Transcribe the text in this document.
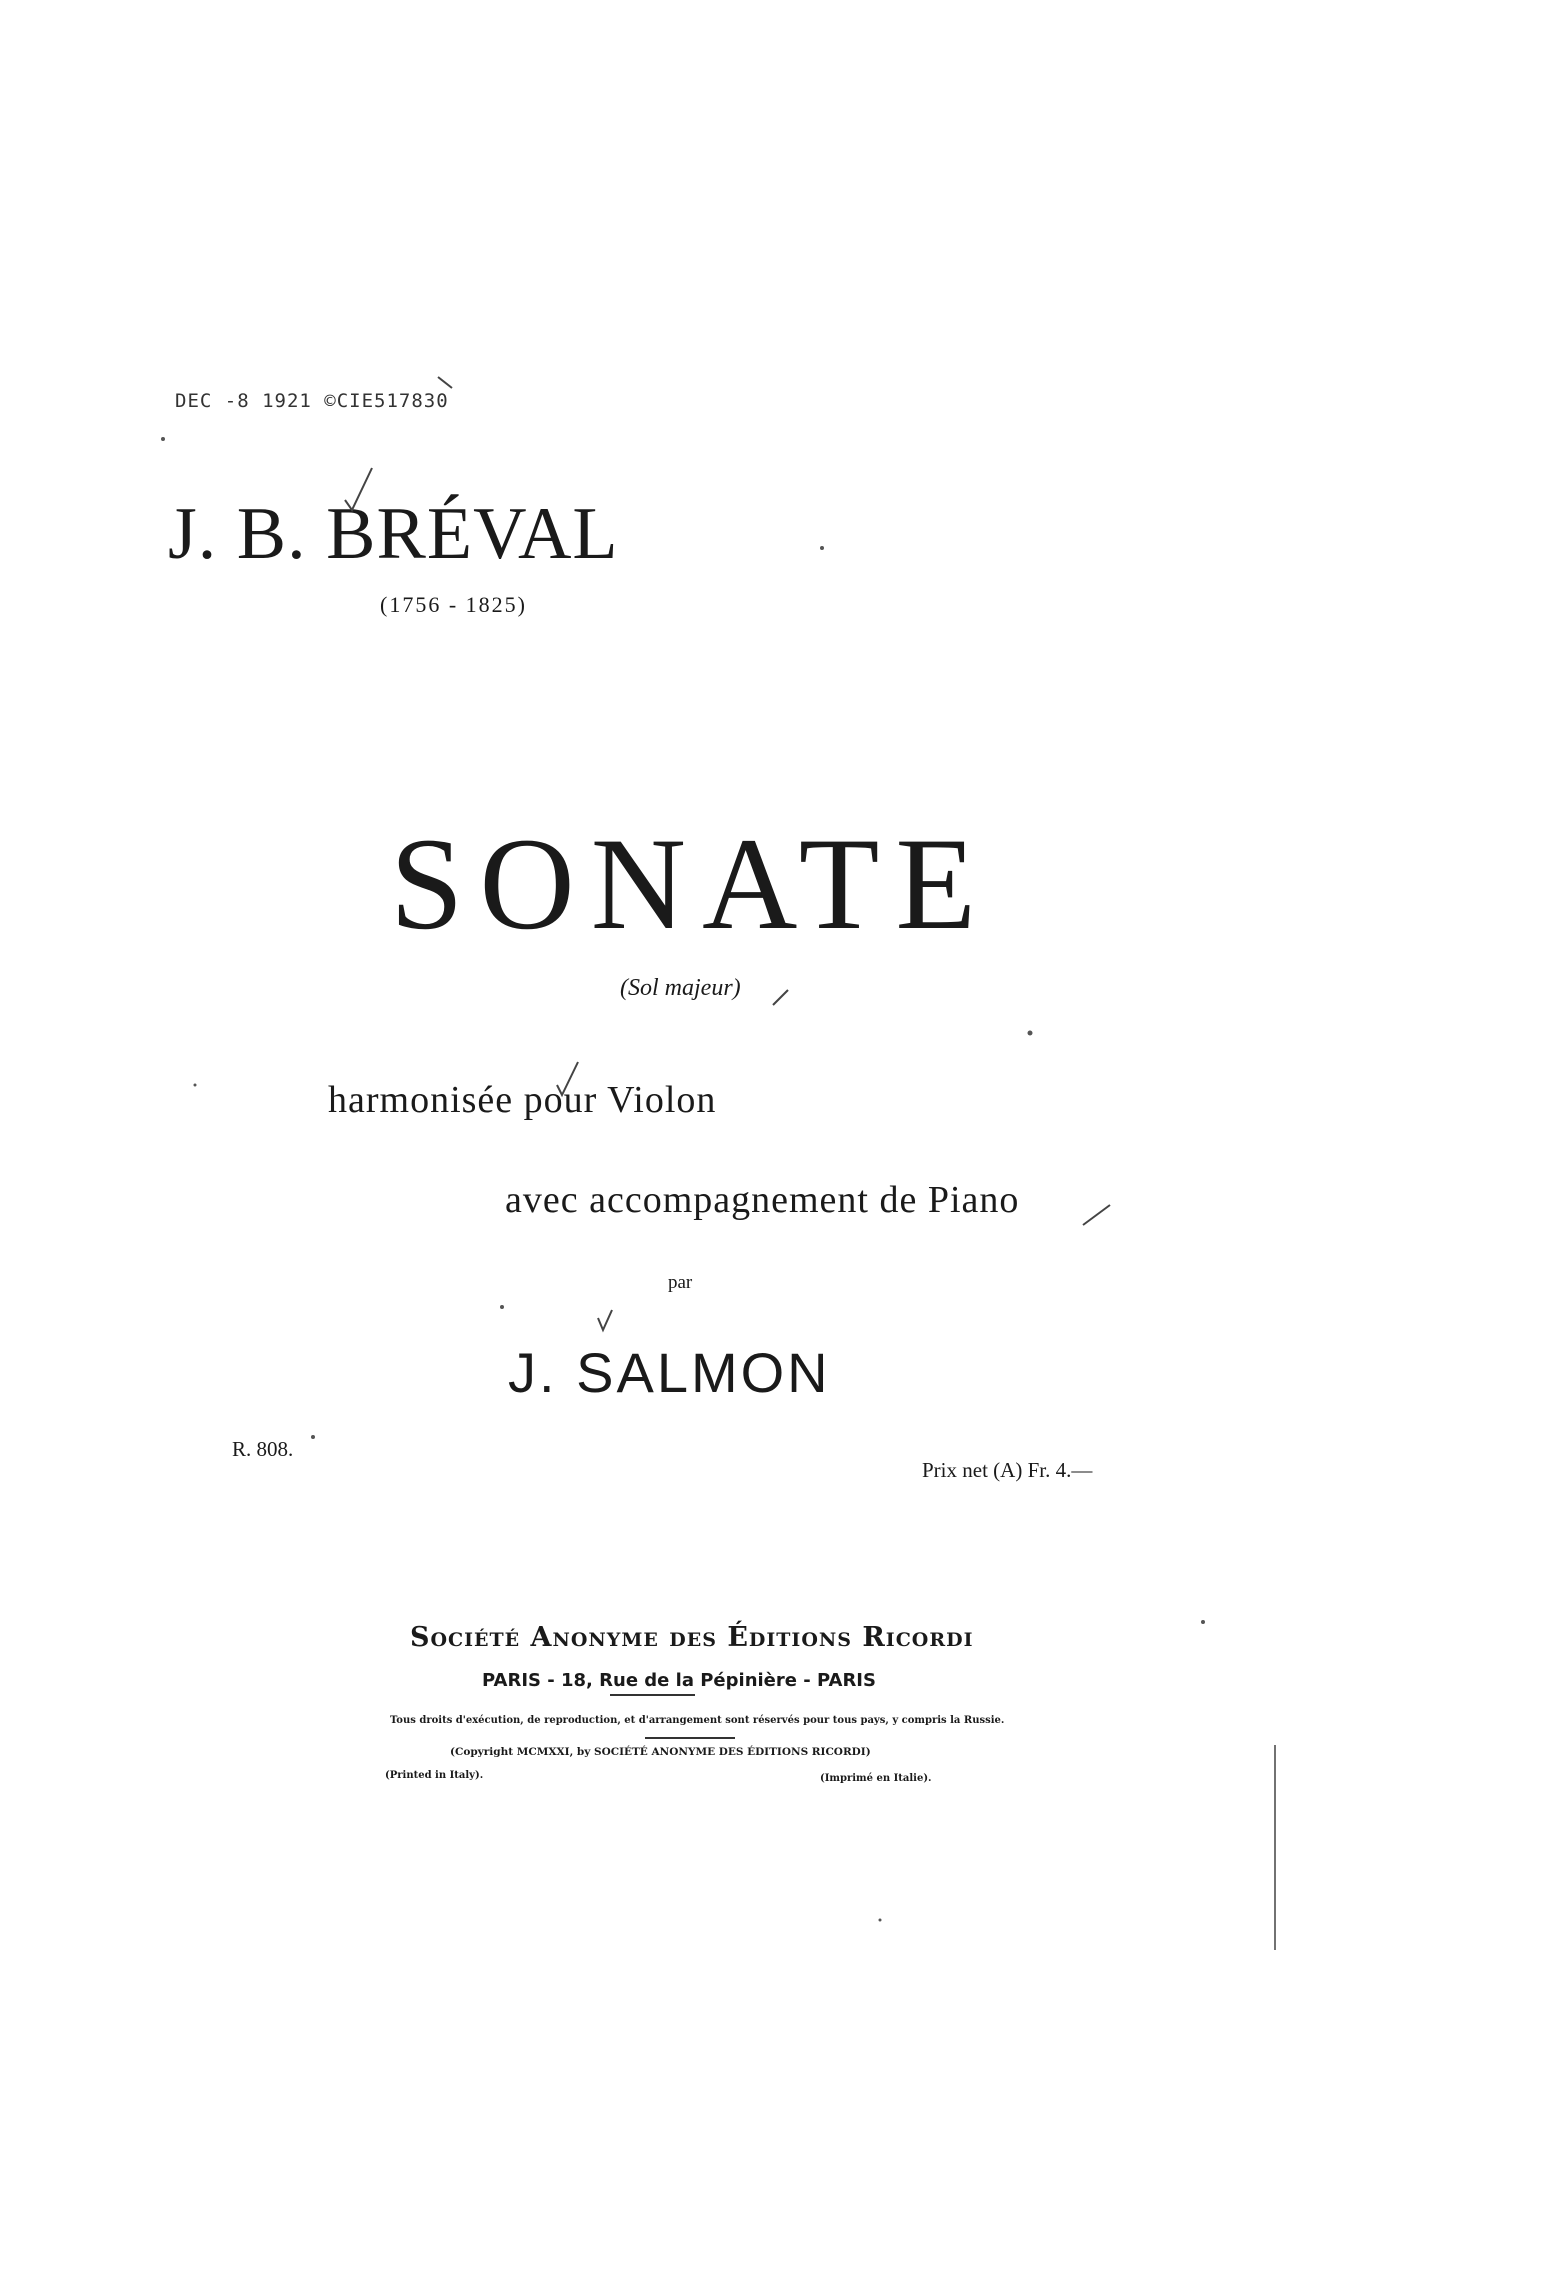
DEC -8 1921 ©CIE517830
J. B. BRÉVAL
(1756 - 1825)
SONATE
(Sol majeur)
harmonisée pour Violon
avec accompagnement de Piano
par
J. SALMON
R. 808.
Prix net (A) Fr. 4.—
Société Anonyme des Éditions Ricordi
PARIS - 18, Rue de la Pépinière - PARIS
Tous droits d'exécution, de reproduction, et d'arrangement sont réservés pour tous pays, y compris la Russie.
(Copyright MCMXXI, by SOCIÉTÉ ANONYME DES ÉDITIONS RICORDI)
(Printed in Italy).	(Imprimé en Italie).
